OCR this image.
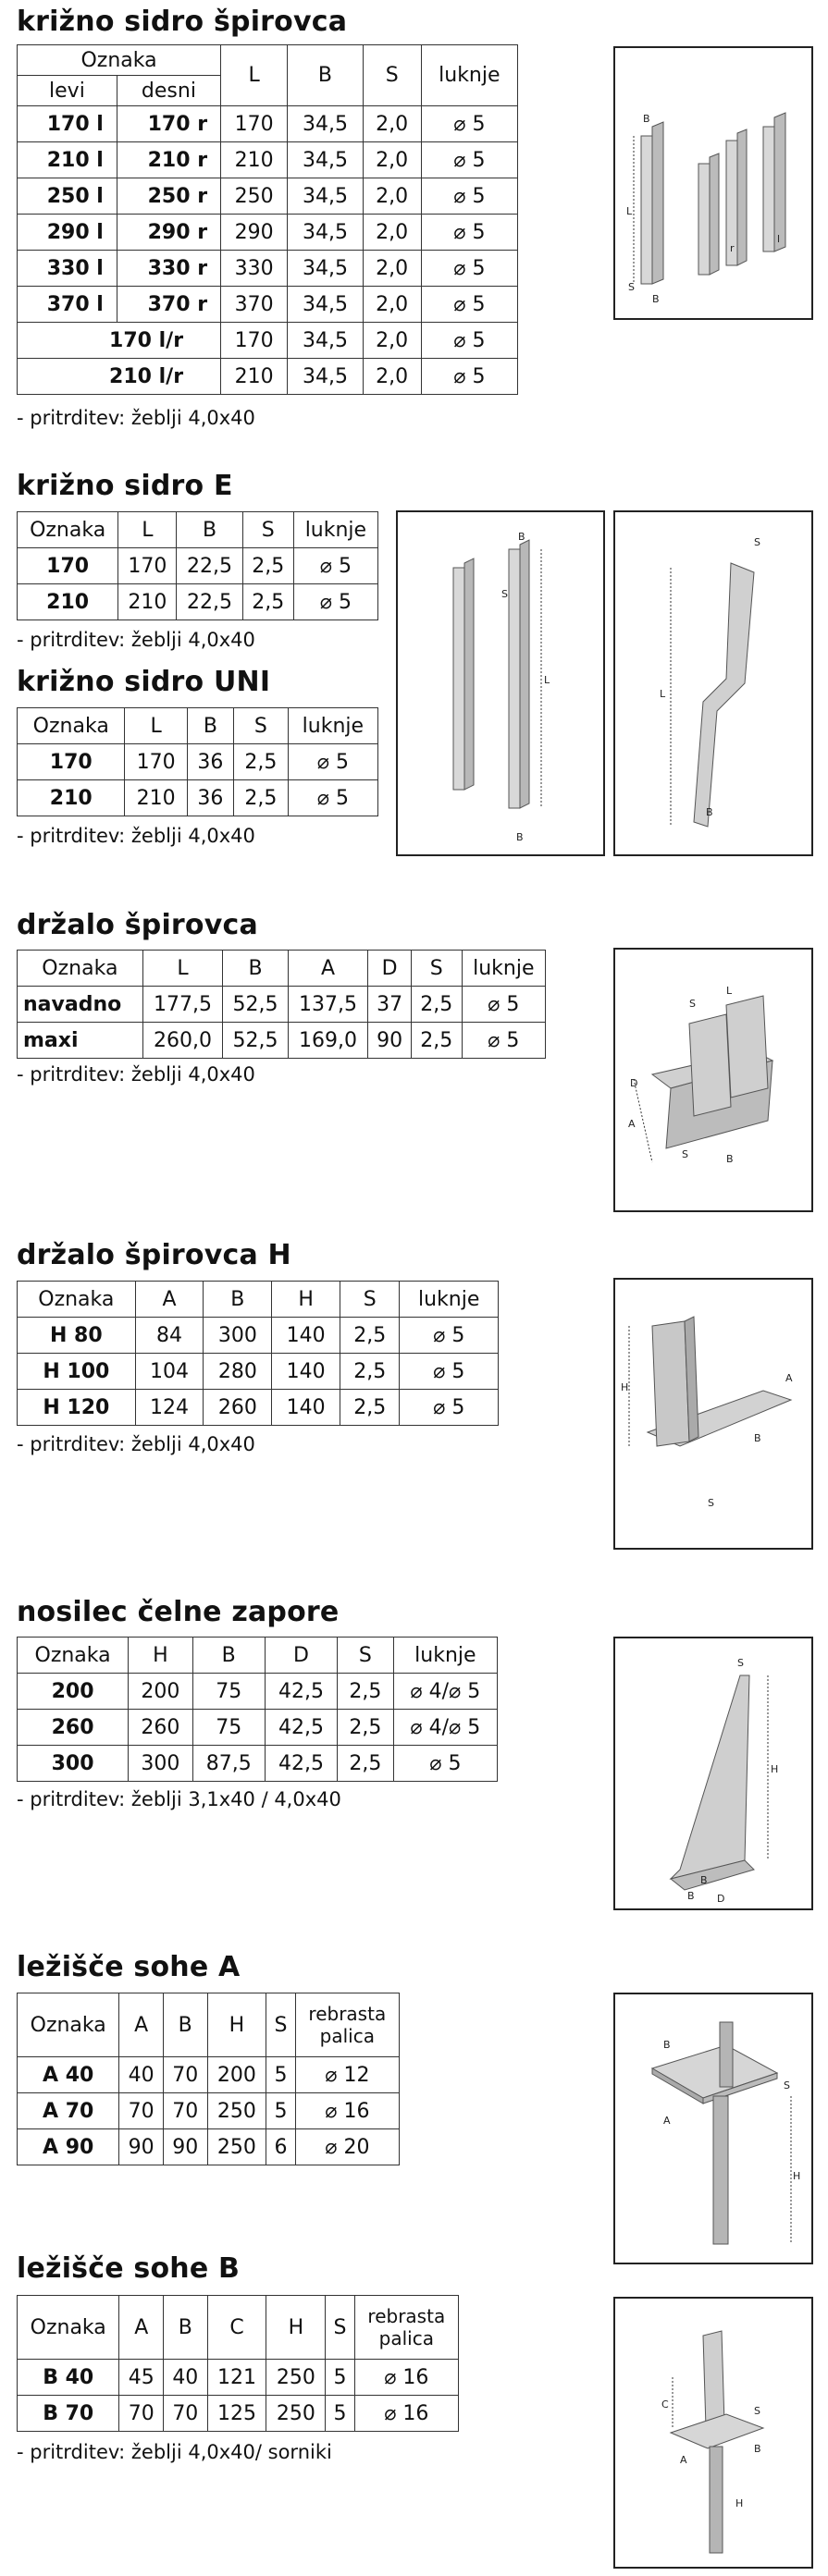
križno sidro špirovca
Oznaka		L	B	S	luknje
levi	desni				
170 l	170 r	170	34,5	2,0	⌀ 5
210 l	210 r	210	34,5	2,0	⌀ 5
250 l	250 r	250	34,5	2,0	⌀ 5
290 l	290 r	290	34,5	2,0	⌀ 5
330 l	330 r	330	34,5	2,0	⌀ 5
370 l	370 r	370	34,5	2,0	⌀ 5
170 l/r		170	34,5	2,0	⌀ 5
210 l/r		210	34,5	2,0	⌀ 5
- pritrditev: žeblji 4,0x40
L
B
S
B
r
l
križno sidro E
Oznaka	L	B	S	luknje
170	170	22,5	2,5	⌀ 5
210	210	22,5	2,5	⌀ 5
- pritrditev: žeblji 4,0x40
križno sidro UNI
Oznaka	L	B	S	luknje
170	170	36	2,5	⌀ 5
210	210	36	2,5	⌀ 5
- pritrditev: žeblji 4,0x40
L
B
S
B
L
S
B
držalo špirovca
Oznaka	L	B	A	D	S	luknje
navadno	177,5	52,5	137,5	37	2,5	⌀ 5
maxi	260,0	52,5	169,0	90	2,5	⌀ 5
- pritrditev: žeblji 4,0x40
A
D
S
L
S	B
držalo špirovca H
Oznaka	A	B	H	S	luknje
H 80	84	300	140	2,5	⌀ 5
H 100	104	280	140	2,5	⌀ 5
H 120	124	260	140	2,5	⌀ 5
- pritrditev: žeblji 4,0x40
H
A
B
S
nosilec čelne zapore
Oznaka	H	B	D	S	luknje
200	200	75	42,5	2,5	⌀ 4/⌀ 5
260	260	75	42,5	2,5	⌀ 4/⌀ 5
300	300	87,5	42,5	2,5	⌀ 5
- pritrditev: žeblji 3,1x40 / 4,0x40
H
S
B
B D
ležišče sohe A
Oznaka	A	B	H	S	rebrasta
palica

A 40	40	70	200	5	⌀ 12
A 70	70	70	250	5	⌀ 16
A 90	90	90	250	6	⌀ 20
H
B
A
S
ležišče sohe B
Oznaka	A	B	C	H	S	rebrasta
palica

B 40	45	40	121	250	5	⌀ 16
B 70	70	70	125	250	5	⌀ 16
- pritrditev: žeblji 4,0x40/ sorniki
C
A
B
S
H
